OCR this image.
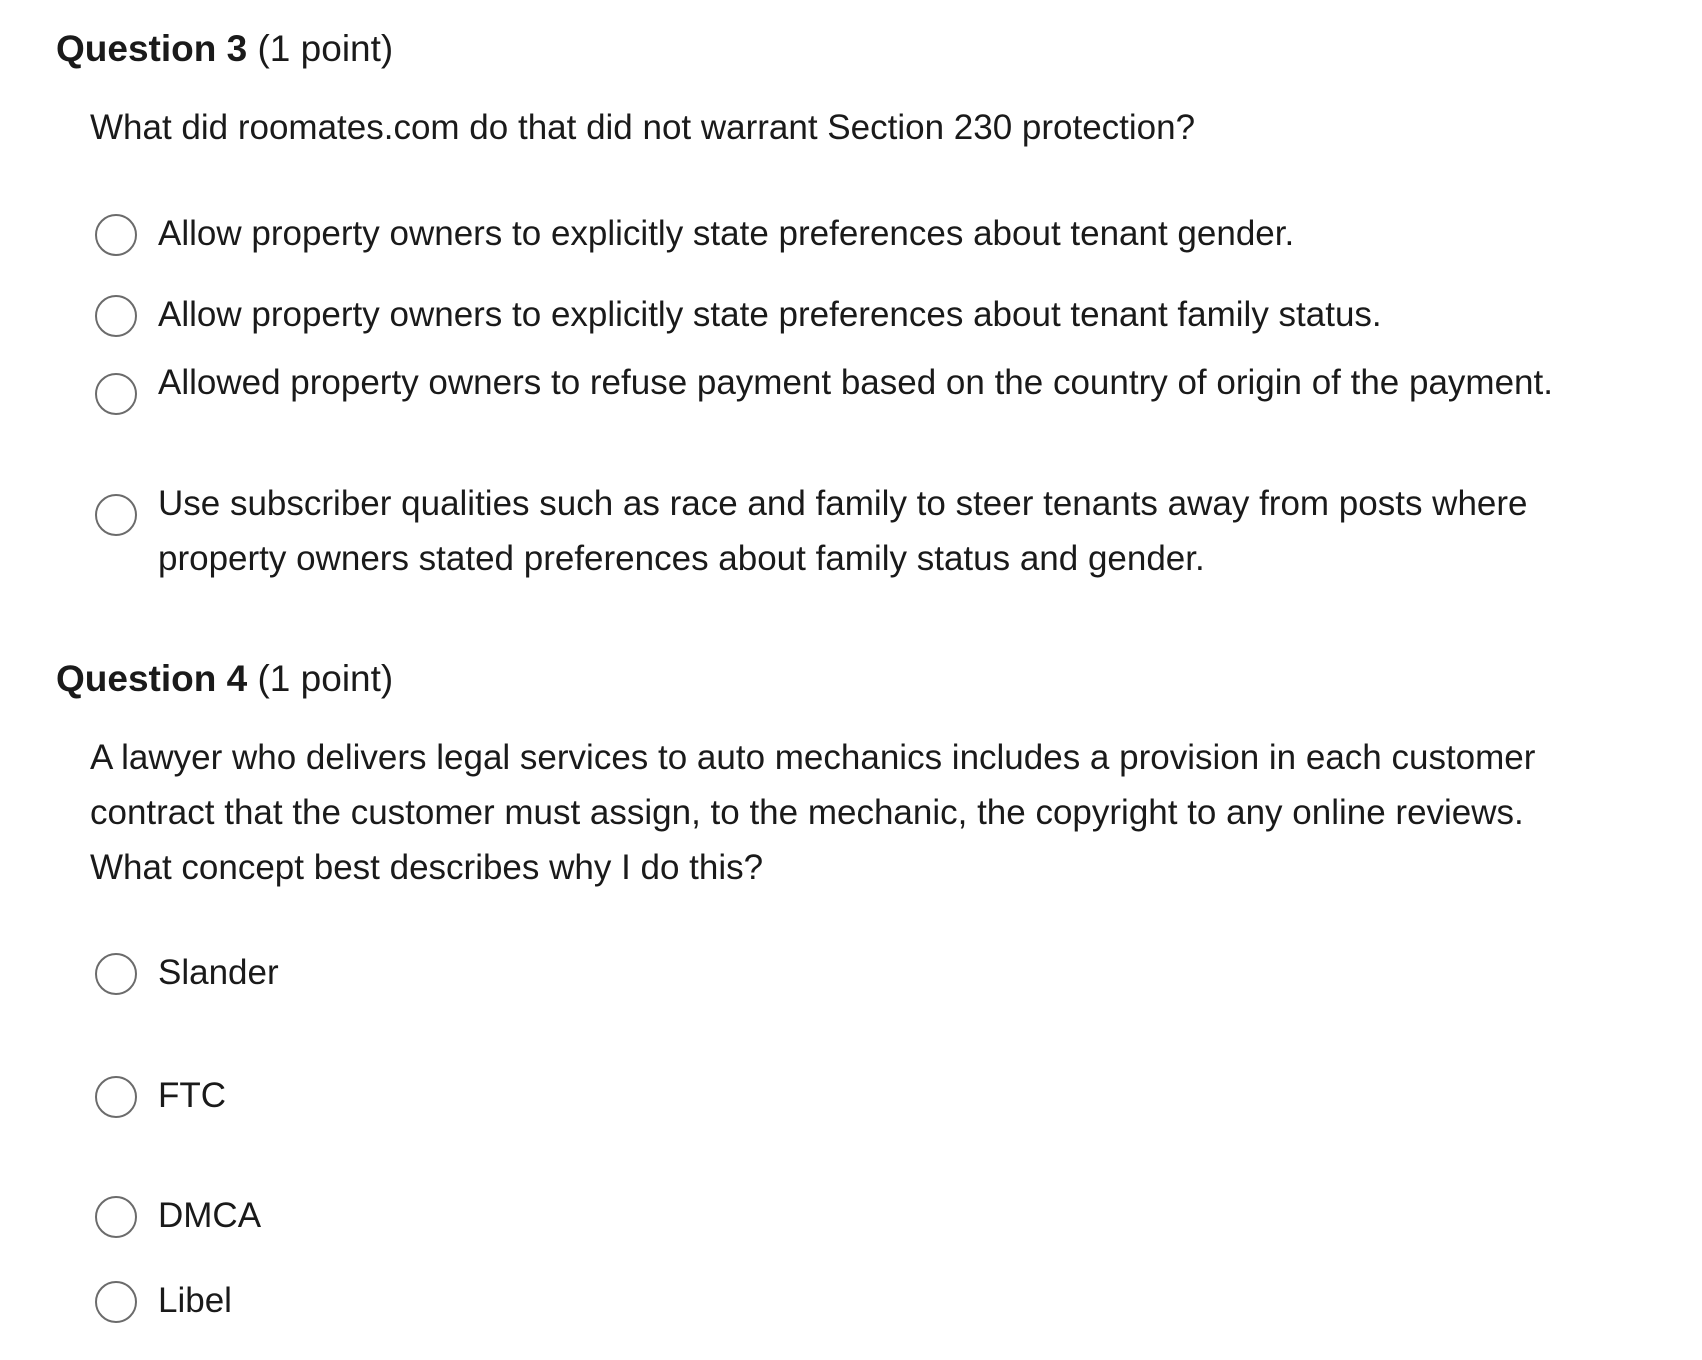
Question 3 (1 point)
What did roomates.com do that did not warrant Section 230 protection?
Allow property owners to explicitly state preferences about tenant gender.
Allow property owners to explicitly state preferences about tenant family status.
Allowed property owners to refuse payment based on the country of origin of the payment.
Use subscriber qualities such as race and family to steer tenants away from posts where property owners stated preferences about family status and gender.
Question 4 (1 point)
A lawyer who delivers legal services to auto mechanics includes a provision in each customer contract that the customer must assign, to the mechanic, the copyright to any online reviews. What concept best describes why I do this?
Slander
FTC
DMCA
Libel
